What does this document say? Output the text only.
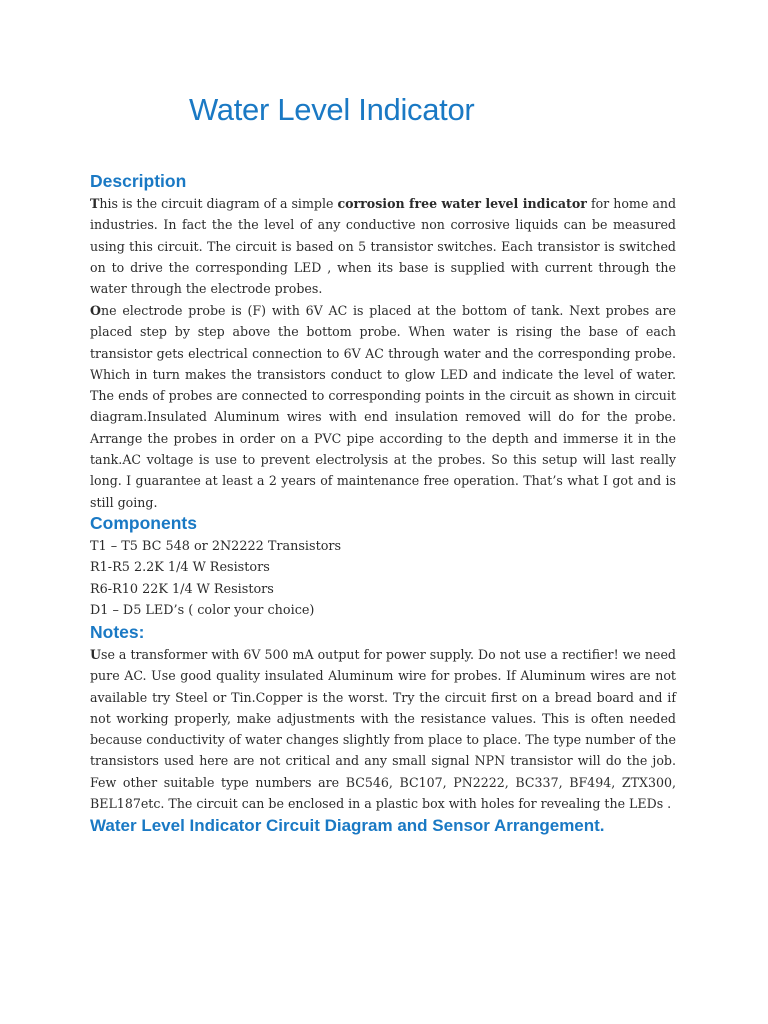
Water Level Indicator
Description

This is the circuit diagram of a simple corrosion free water level indicator for home and industries. In fact the the level of any conductive non corrosive liquids can be measured using this circuit. The circuit is based on 5 transistor switches. Each transistor is switched on to drive the corresponding LED , when its base is supplied with current through the water through the electrode probes.

One electrode probe is (F) with 6V AC is placed at the bottom of tank. Next probes are placed step by step above the bottom probe. When water is rising the base of each transistor gets electrical connection to 6V AC through water and the corresponding probe. Which in turn makes the transistors conduct to glow LED and indicate the level of water. The ends of probes are connected to corresponding points in the circuit as shown in circuit diagram.Insulated Aluminum wires with end insulation removed will do for the probe. Arrange the probes in order on a PVC pipe according to the depth and immerse it in the tank.AC voltage is use to prevent electrolysis at the probes. So this setup will last really long. I guarantee at least a 2 years of maintenance free operation. That’s what I got and is still going.

Components
T1 – T5 BC 548 or 2N2222 Transistors
R1-R5 2.2K 1/4 W Resistors
R6-R10 22K 1/4 W Resistors
D1 – D5 LED’s ( color your choice)
Notes:

Use a transformer with 6V 500 mA output for power supply. Do not use a rectifier! we need pure AC. Use good quality insulated Aluminum wire for probes. If Aluminum wires are not available try Steel or Tin.Copper is the worst. Try the circuit first on a bread board and if not working properly, make adjustments with the resistance values. This is often needed because conductivity of water changes slightly from place to place. The type number of the transistors used here are not critical and any small signal NPN transistor will do the job. Few other suitable type numbers are BC546, BC107, PN2222, BC337, BF494, ZTX300, BEL187etc. The circuit can be enclosed in a plastic box with holes for revealing the LEDs .

Water Level Indicator Circuit Diagram and Sensor Arrangement.
